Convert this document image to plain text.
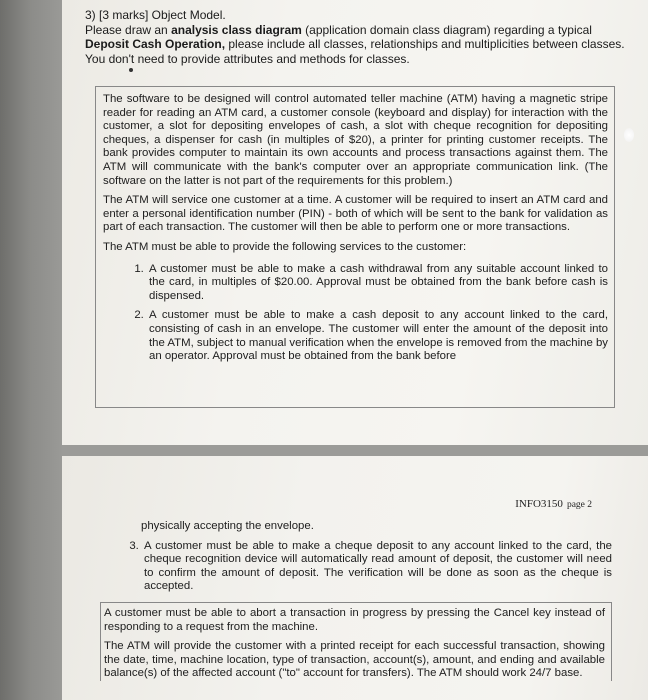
3) [3 marks] Object Model.
Please draw an analysis class diagram (application domain class diagram) regarding a typical Deposit Cash Operation, please include all classes, relationships and multiplicities between classes. You don't need to provide attributes and methods for classes.

The software to be designed will control automated teller machine (ATM) having a magnetic stripe reader for reading an ATM card, a customer console (keyboard and display) for interaction with the customer, a slot for depositing envelopes of cash, a slot with cheque recognition for depositing cheques, a dispenser for cash (in multiples of $20), a printer for printing customer receipts. The bank provides computer to maintain its own accounts and process transactions against them. The ATM will communicate with the bank's computer over an appropriate communication link. (The software on the latter is not part of the requirements for this problem.)

The ATM will service one customer at a time. A customer will be required to insert an ATM card and enter a personal identification number (PIN) - both of which will be sent to the bank for validation as part of each transaction. The customer will then be able to perform one or more transactions.

The ATM must be able to provide the following services to the customer:

1. A customer must be able to make a cash withdrawal from any suitable account linked to the card, in multiples of $20.00. Approval must be obtained from the bank before cash is dispensed.
2. A customer must be able to make a cash deposit to any account linked to the card, consisting of cash in an envelope. The customer will enter the amount of the deposit into the ATM, subject to manual verification when the envelope is removed from the machine by an operator. Approval must be obtained from the bank before
INFO3150 page 2
physically accepting the envelope.
3. A customer must be able to make a cheque deposit to any account linked to the card, the cheque recognition device will automatically read amount of deposit, the customer will need to confirm the amount of deposit. The verification will be done as soon as the cheque is accepted.

A customer must be able to abort a transaction in progress by pressing the Cancel key instead of responding to a request from the machine.

The ATM will provide the customer with a printed receipt for each successful transaction, showing the date, time, machine location, type of transaction, account(s), amount, and ending and available balance(s) of the affected account ("to" account for transfers). The ATM should work 24/7 base.
